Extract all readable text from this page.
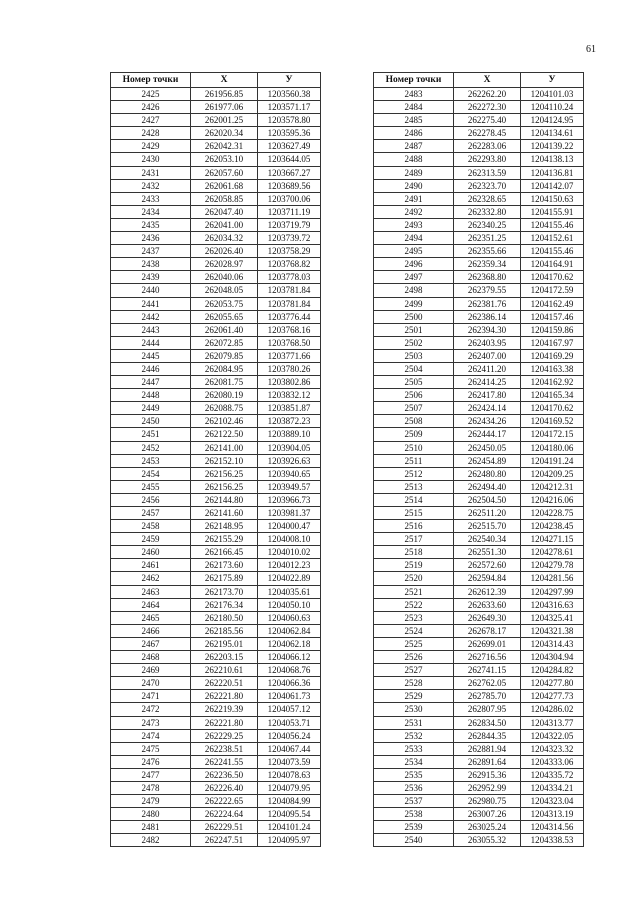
61
Номер точки	X	У
2425	261956.85	1203560.38
2426	261977.06	1203571.17
2427	262001.25	1203578.80
2428	262020.34	1203595.36
2429	262042.31	1203627.49
2430	262053.10	1203644.05
2431	262057.60	1203667.27
2432	262061.68	1203689.56
2433	262058.85	1203700.06
2434	262047.40	1203711.19
2435	262041.00	1203719.79
2436	262034.32	1203739.72
2437	262026.40	1203758.29
2438	262028.97	1203768.82
2439	262040.06	1203778.03
2440	262048.05	1203781.84
2441	262053.75	1203781.84
2442	262055.65	1203776.44
2443	262061.40	1203768.16
2444	262072.85	1203768.50
2445	262079.85	1203771.66
2446	262084.95	1203780.26
2447	262081.75	1203802.86
2448	262080.19	1203832.12
2449	262088.75	1203851.87
2450	262102.46	1203872.23
2451	262122.50	1203889.10
2452	262141.00	1203904.05
2453	262152.10	1203926.63
2454	262156.25	1203940.65
2455	262156.25	1203949.57
2456	262144.80	1203966.73
2457	262141.60	1203981.37
2458	262148.95	1204000.47
2459	262155.29	1204008.10
2460	262166.45	1204010.02
2461	262173.60	1204012.23
2462	262175.89	1204022.89
2463	262173.70	1204035.61
2464	262176.34	1204050.10
2465	262180.50	1204060.63
2466	262185.56	1204062.84
2467	262195.01	1204062.18
2468	262203.15	1204066.12
2469	262210.61	1204068.76
2470	262220.51	1204066.36
2471	262221.80	1204061.73
2472	262219.39	1204057.12
2473	262221.80	1204053.71
2474	262229.25	1204056.24
2475	262238.51	1204067.44
2476	262241.55	1204073.59
2477	262236.50	1204078.63
2478	262226.40	1204079.95
2479	262222.65	1204084.99
2480	262224.64	1204095.54
2481	262229.51	1204101.24
2482	262247.51	1204095.97
Номер точки	X	У
2483	262262.20	1204101.03
2484	262272.30	1204110.24
2485	262275.40	1204124.95
2486	262278.45	1204134.61
2487	262283.06	1204139.22
2488	262293.80	1204138.13
2489	262313.59	1204136.81
2490	262323.70	1204142.07
2491	262328.65	1204150.63
2492	262332.80	1204155.91
2493	262340.25	1204155.46
2494	262351.25	1204152.61
2495	262355.66	1204155.46
2496	262359.34	1204164.91
2497	262368.80	1204170.62
2498	262379.55	1204172.59
2499	262381.76	1204162.49
2500	262386.14	1204157.46
2501	262394.30	1204159.86
2502	262403.95	1204167.97
2503	262407.00	1204169.29
2504	262411.20	1204163.38
2505	262414.25	1204162.92
2506	262417.80	1204165.34
2507	262424.14	1204170.62
2508	262434.26	1204169.52
2509	262444.17	1204172.15
2510	262450.05	1204180.06
2511	262454.89	1204191.24
2512	262480.80	1204209.25
2513	262494.40	1204212.31
2514	262504.50	1204216.06
2515	262511.20	1204228.75
2516	262515.70	1204238.45
2517	262540.34	1204271.15
2518	262551.30	1204278.61
2519	262572.60	1204279.78
2520	262594.84	1204281.56
2521	262612.39	1204297.99
2522	262633.60	1204316.63
2523	262649.30	1204325.41
2524	262678.17	1204321.38
2525	262699.01	1204314.43
2526	262716.56	1204304.94
2527	262741.15	1204284.82
2528	262762.05	1204277.80
2529	262785.70	1204277.73
2530	262807.95	1204286.02
2531	262834.50	1204313.77
2532	262844.35	1204322.05
2533	262881.94	1204323.32
2534	262891.64	1204333.06
2535	262915.36	1204335.72
2536	262952.99	1204334.21
2537	262980.75	1204323.04
2538	263007.26	1204313.19
2539	263025.24	1204314.56
2540	263055.32	1204338.53
